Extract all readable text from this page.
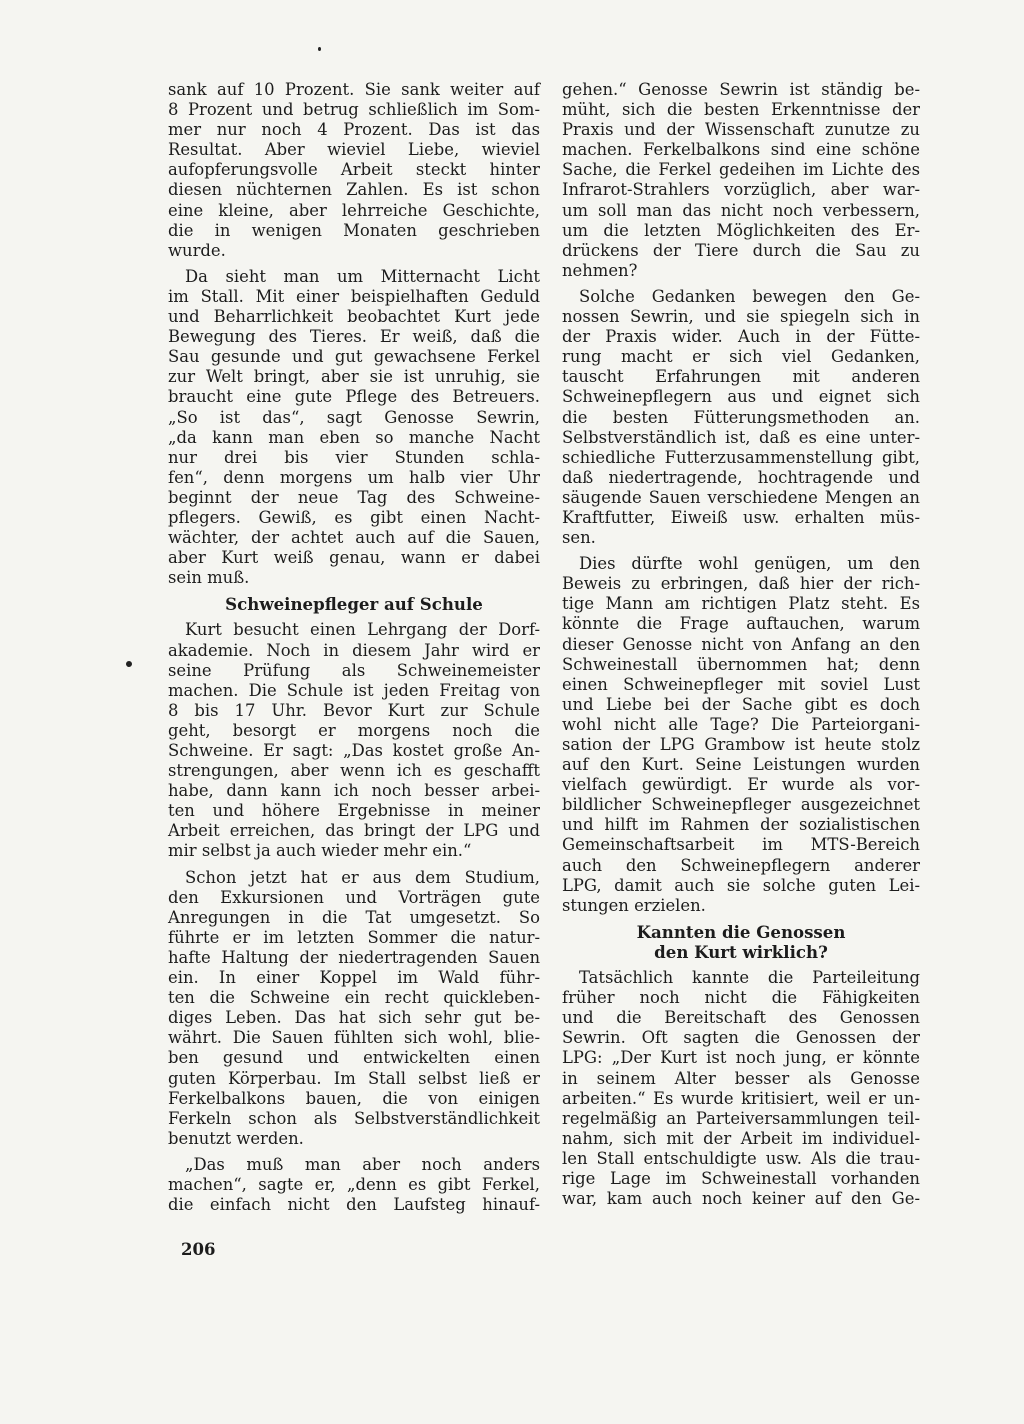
sank auf 10 Prozent. Sie sank weiter auf
8 Prozent und betrug schließlich im Som-
mer nur noch 4 Prozent. Das ist das
Resultat. Aber wieviel Liebe, wieviel
aufopferungsvolle Arbeit steckt hinter
diesen nüchternen Zahlen. Es ist schon
eine kleine, aber lehrreiche Geschichte,
die in wenigen Monaten geschrieben
wurde.
Da sieht man um Mitternacht Licht
im Stall. Mit einer beispielhaften Geduld
und Beharrlichkeit beobachtet Kurt jede
Bewegung des Tieres. Er weiß, daß die
Sau gesunde und gut gewachsene Ferkel
zur Welt bringt, aber sie ist unruhig, sie
braucht eine gute Pflege des Betreuers.
„So ist das“, sagt Genosse Sewrin,
„da kann man eben so manche Nacht
nur drei bis vier Stunden schla-
fen“, denn morgens um halb vier Uhr
beginnt der neue Tag des Schweine-
pflegers. Gewiß, es gibt einen Nacht-
wächter, der achtet auch auf die Sauen,
aber Kurt weiß genau, wann er dabei
sein muß.
Schweinepfleger auf Schule
Kurt besucht einen Lehrgang der Dorf-
akademie. Noch in diesem Jahr wird er
seine Prüfung als Schweinemeister
machen. Die Schule ist jeden Freitag von
8 bis 17 Uhr. Bevor Kurt zur Schule
geht, besorgt er morgens noch die
Schweine. Er sagt: „Das kostet große An-
strengungen, aber wenn ich es geschafft
habe, dann kann ich noch besser arbei-
ten und höhere Ergebnisse in meiner
Arbeit erreichen, das bringt der LPG und
mir selbst ja auch wieder mehr ein.“
Schon jetzt hat er aus dem Studium,
den Exkursionen und Vorträgen gute
Anregungen in die Tat umgesetzt. So
führte er im letzten Sommer die natur-
hafte Haltung der niedertragenden Sauen
ein. In einer Koppel im Wald führ-
ten die Schweine ein recht quickleben-
diges Leben. Das hat sich sehr gut be-
währt. Die Sauen fühlten sich wohl, blie-
ben gesund und entwickelten einen
guten Körperbau. Im Stall selbst ließ er
Ferkelbalkons bauen, die von einigen
Ferkeln schon als Selbstverständlichkeit
benutzt werden.
„Das muß man aber noch anders
machen“, sagte er, „denn es gibt Ferkel,
die einfach nicht den Laufsteg hinauf-
gehen.“ Genosse Sewrin ist ständig be-
müht, sich die besten Erkenntnisse der
Praxis und der Wissenschaft zunutze zu
machen. Ferkelbalkons sind eine schöne
Sache, die Ferkel gedeihen im Lichte des
Infrarot-Strahlers vorzüglich, aber war-
um soll man das nicht noch verbessern,
um die letzten Möglichkeiten des Er-
drückens der Tiere durch die Sau zu
nehmen?
Solche Gedanken bewegen den Ge-
nossen Sewrin, und sie spiegeln sich in
der Praxis wider. Auch in der Fütte-
rung macht er sich viel Gedanken,
tauscht Erfahrungen mit anderen
Schweinepflegern aus und eignet sich
die besten Fütterungsmethoden an.
Selbstverständlich ist, daß es eine unter-
schiedliche Futterzusammenstellung gibt,
daß niedertragende, hochtragende und
säugende Sauen verschiedene Mengen an
Kraftfutter, Eiweiß usw. erhalten müs-
sen.
Dies dürfte wohl genügen, um den
Beweis zu erbringen, daß hier der rich-
tige Mann am richtigen Platz steht. Es
könnte die Frage auftauchen, warum
dieser Genosse nicht von Anfang an den
Schweinestall übernommen hat; denn
einen Schweinepfleger mit soviel Lust
und Liebe bei der Sache gibt es doch
wohl nicht alle Tage? Die Parteiorgani-
sation der LPG Grambow ist heute stolz
auf den Kurt. Seine Leistungen wurden
vielfach gewürdigt. Er wurde als vor-
bildlicher Schweinepfleger ausgezeichnet
und hilft im Rahmen der sozialistischen
Gemeinschaftsarbeit im MTS-Bereich
auch den Schweinepflegern anderer
LPG, damit auch sie solche guten Lei-
stungen erzielen.
Kannten die Genossen
den Kurt wirklich?
Tatsächlich kannte die Parteileitung
früher noch nicht die Fähigkeiten
und die Bereitschaft des Genossen
Sewrin. Oft sagten die Genossen der
LPG: „Der Kurt ist noch jung, er könnte
in seinem Alter besser als Genosse
arbeiten.“ Es wurde kritisiert, weil er un-
regelmäßig an Parteiversammlungen teil-
nahm, sich mit der Arbeit im individuel-
len Stall entschuldigte usw. Als die trau-
rige Lage im Schweinestall vorhanden
war, kam auch noch keiner auf den Ge-
206
